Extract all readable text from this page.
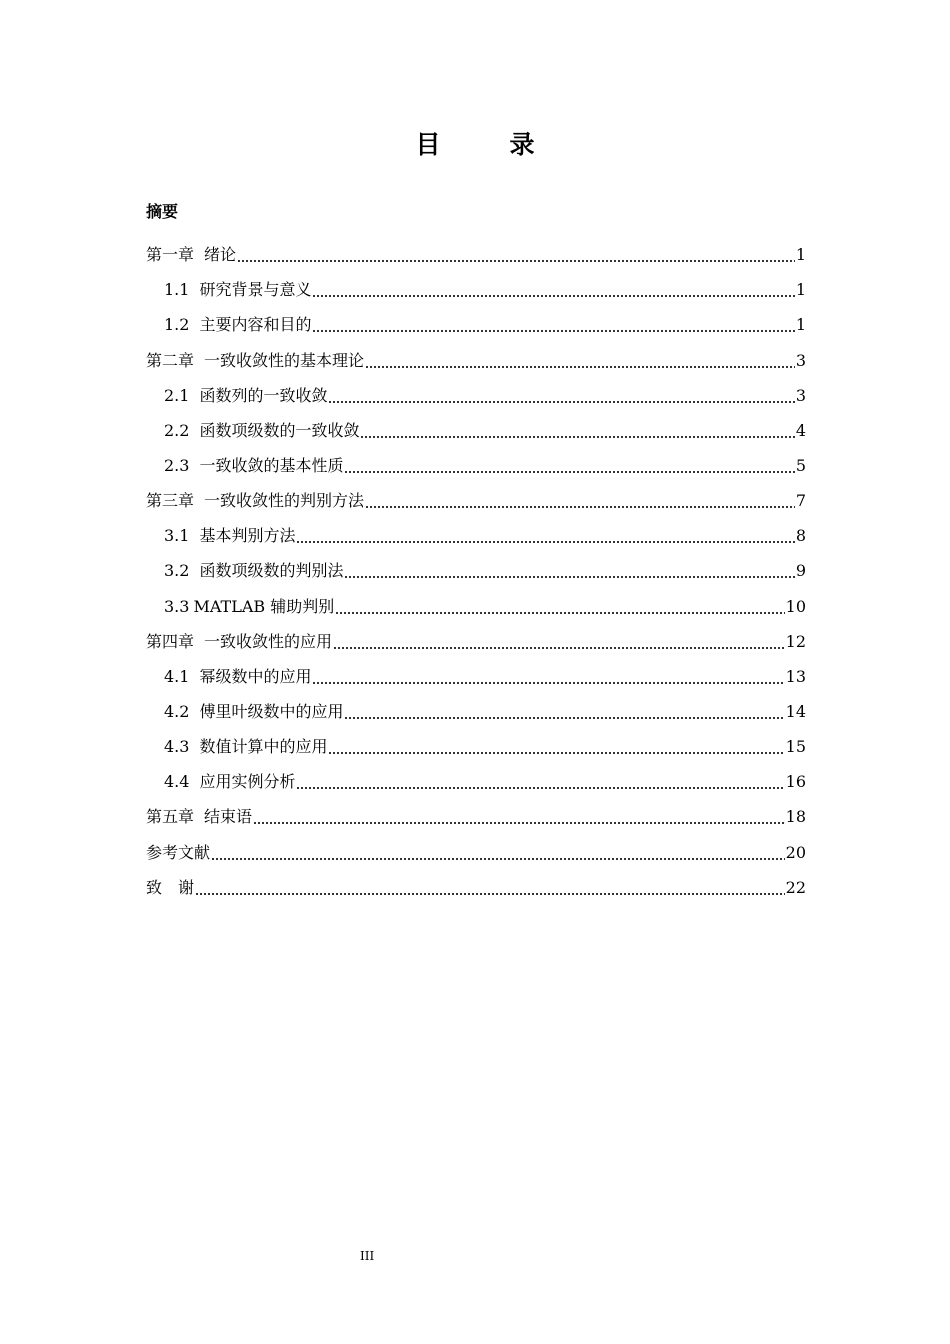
目　录
摘要
第一章 绪论	1
1.1 研究背景与意义	1
1.2 主要内容和目的	1
第二章 一致收敛性的基本理论	3
2.1 函数列的一致收敛	3
2.2 函数项级数的一致收敛	4
2.3 一致收敛的基本性质	5
第三章 一致收敛性的判别方法	7
3.1 基本判别方法	8
3.2 函数项级数的判别法	9
3.3 MATLAB 辅助判别	10
第四章 一致收敛性的应用	12
4.1 幂级数中的应用	13
4.2 傅里叶级数中的应用	14
4.3 数值计算中的应用	15
4.4 应用实例分析	16
第五章 结束语	18
参考文献	20
致　谢	22
III
